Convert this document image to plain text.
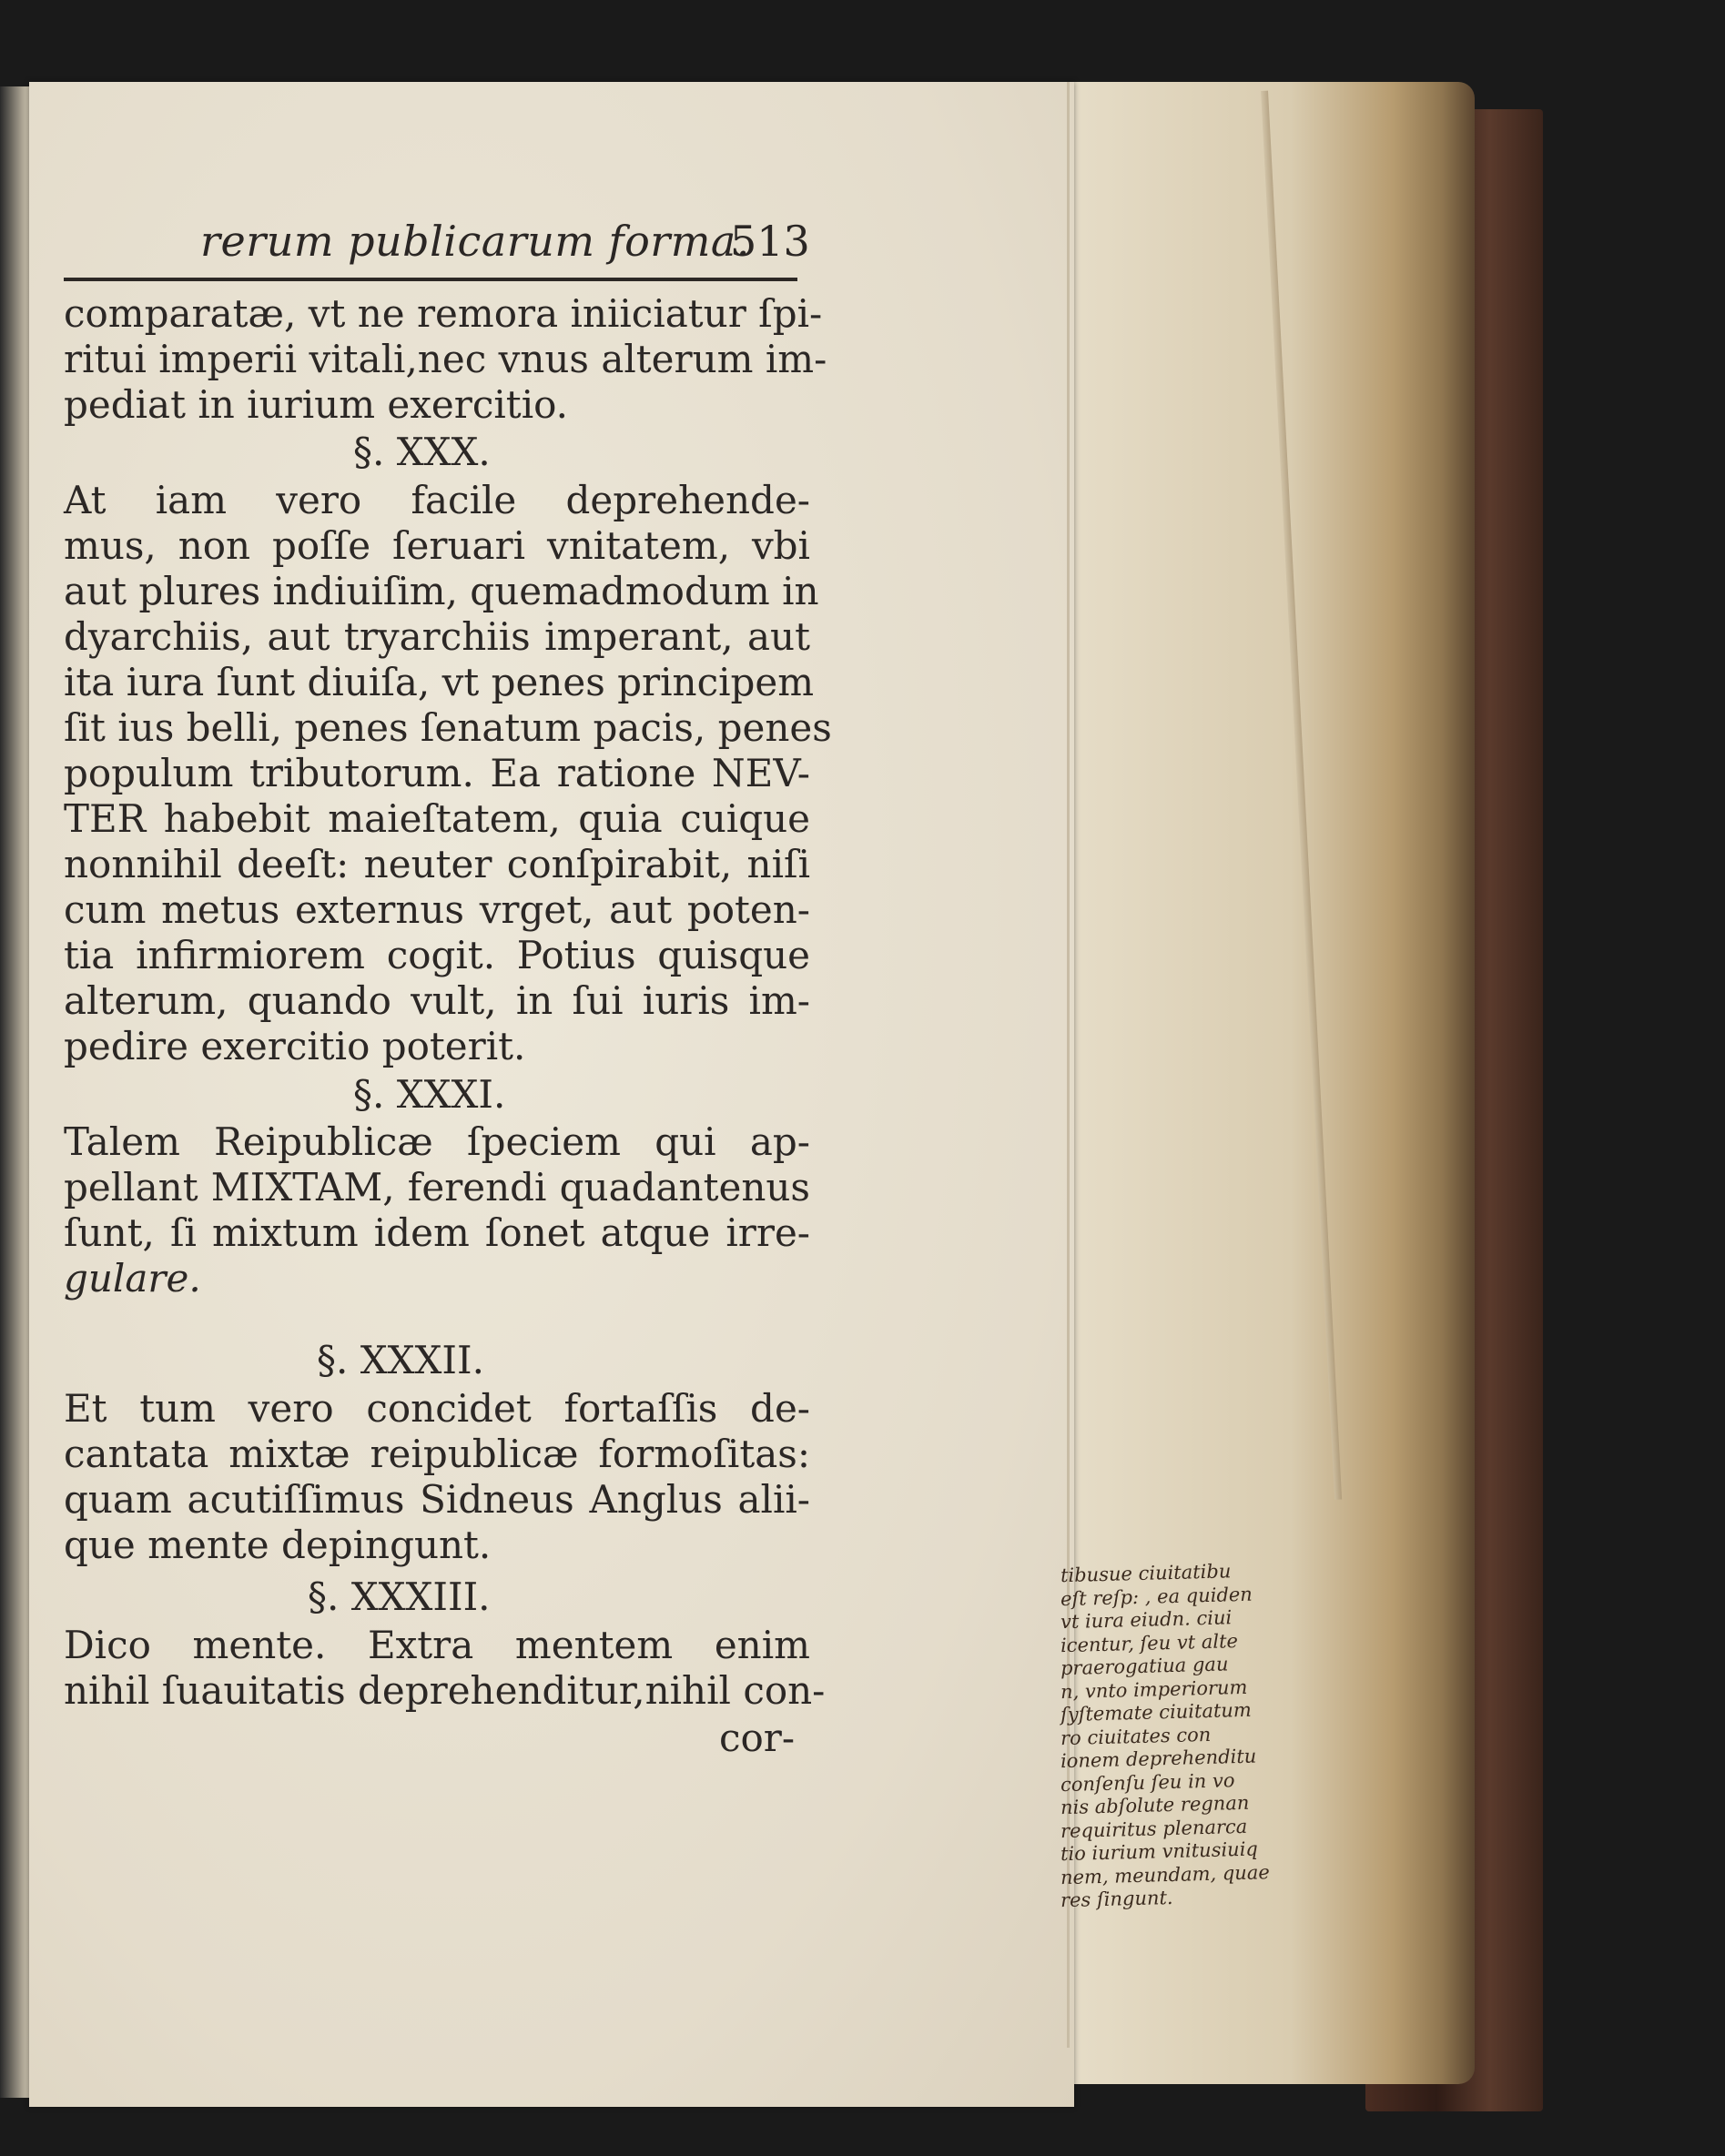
rerum publicarum forma.
513
comparatæ, vt ne remora iniiciatur ſpi-
ritui imperii vitali,nec vnus alterum im-
pediat in iurium exercitio.
§. XXX.
At iam vero facile deprehende-
mus, non poſſe ſeruari vnitatem, vbi
aut plures indiuiſim, quemadmodum in
dyarchiis, aut tryarchiis imperant, aut
ita iura ſunt diuiſa, vt penes principem
ſit ius belli, penes ſenatum pacis, penes
populum tributorum. Ea ratione NEV-
TER habebit maieſtatem, quia cuique
nonnihil deeſt: neuter conſpirabit, niſi
cum metus externus vrget, aut poten-
tia infirmiorem cogit. Potius quisque
alterum, quando vult, in ſui iuris im-
pedire exercitio poterit.
§. XXXI.
Talem Reipublicæ ſpeciem qui ap-
pellant MIXTAM, ferendi quadantenus
ſunt, ſi mixtum idem ſonet atque irre-
gulare.
§. XXXII.
Et tum vero concidet fortaſſis de-
cantata mixtæ reipublicæ formoſitas:
quam acutiſſimus Sidneus Anglus alii-
que mente depingunt.
§. XXXIII.
Dico mente. Extra mentem enim
nihil ſuauitatis deprehenditur,nihil con-
cor-
tibusue ciuitatibu
eſt reſp: , ea quiden
vt iura eiudn. ciui
icentur, ſeu vt alte
praerogatiua gau
n, vnto imperiorum
ſyſtemate ciuitatum
ro ciuitates con
ionem deprehenditu
conſenſu ſeu in vo
nis abſolute regnan
requiritus plenarca
tio iurium vnitusiuiq
nem, meundam, quae
res ſingunt.
